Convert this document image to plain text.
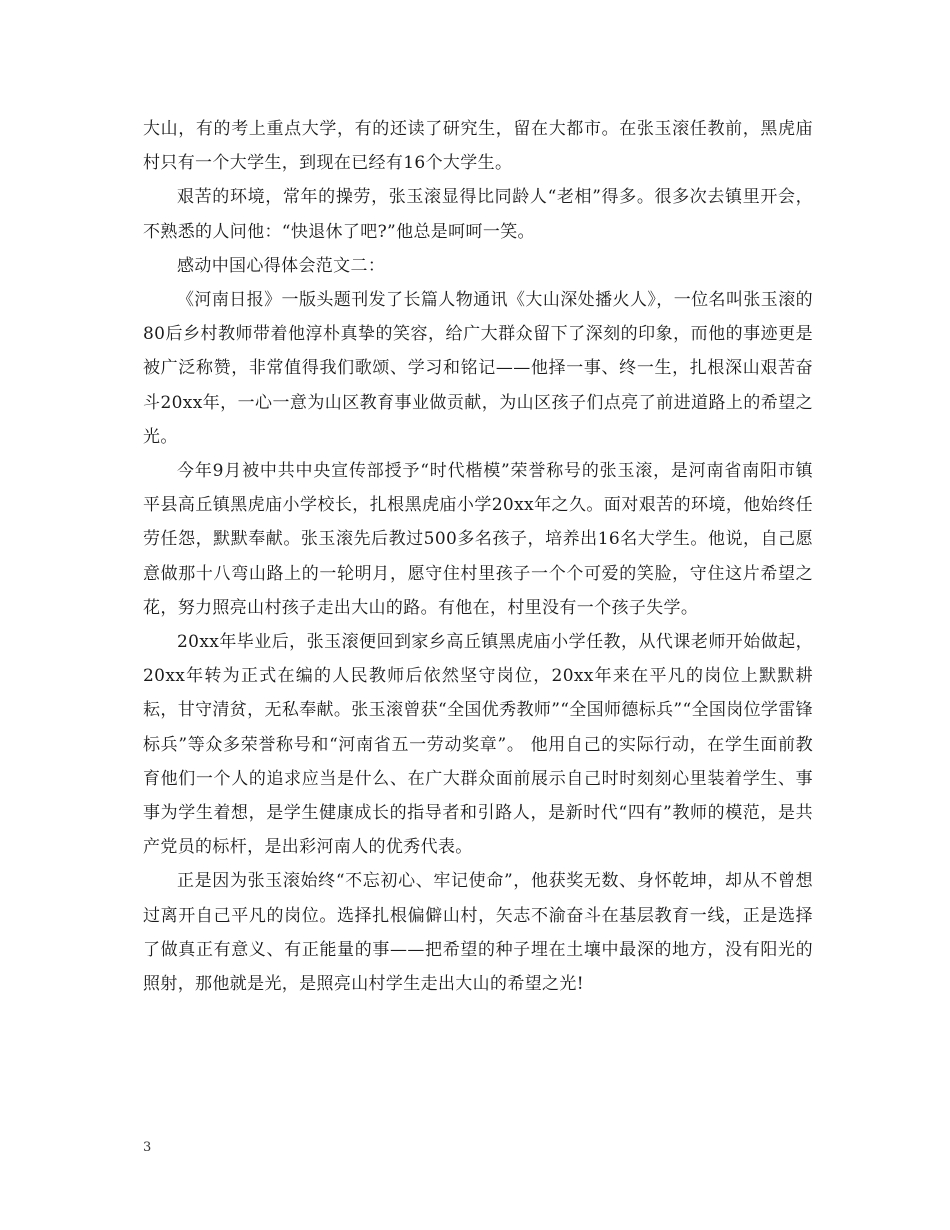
大山，有的考上重点大学，有的还读了研究生，留在大都市。在张玉滚任教前，黑虎庙村只有一个大学生，到现在已经有16个大学生。

艰苦的环境，常年的操劳，张玉滚显得比同龄人“老相”得多。很多次去镇里开会，不熟悉的人问他：“快退休了吧?”他总是呵呵一笑。

感动中国心得体会范文二：

《河南日报》一版头题刊发了长篇人物通讯《大山深处播火人》，一位名叫张玉滚的80后乡村教师带着他淳朴真挚的笑容，给广大群众留下了深刻的印象，而他的事迹更是被广泛称赞，非常值得我们歌颂、学习和铭记——他择一事、终一生，扎根深山艰苦奋斗20xx年，一心一意为山区教育事业做贡献，为山区孩子们点亮了前进道路上的希望之光。

今年9月被中共中央宣传部授予“时代楷模”荣誉称号的张玉滚，是河南省南阳市镇平县高丘镇黑虎庙小学校长，扎根黑虎庙小学20xx年之久。面对艰苦的环境，他始终任劳任怨，默默奉献。张玉滚先后教过500多名孩子，培养出16名大学生。他说，自己愿意做那十八弯山路上的一轮明月，愿守住村里孩子一个个可爱的笑脸，守住这片希望之花，努力照亮山村孩子走出大山的路。有他在，村里没有一个孩子失学。

20xx年毕业后，张玉滚便回到家乡高丘镇黑虎庙小学任教，从代课老师开始做起，20xx年转为正式在编的人民教师后依然坚守岗位，20xx年来在平凡的岗位上默默耕耘，甘守清贫，无私奉献。张玉滚曾获“全国优秀教师”“全国师德标兵”“全国岗位学雷锋标兵”等众多荣誉称号和“河南省五一劳动奖章”。 他用自己的实际行动，在学生面前教育他们一个人的追求应当是什么、在广大群众面前展示自己时时刻刻心里装着学生、事事为学生着想，是学生健康成长的指导者和引路人，是新时代“四有”教师的模范，是共产党员的标杆，是出彩河南人的优秀代表。

正是因为张玉滚始终“不忘初心、牢记使命”，他获奖无数、身怀乾坤，却从不曾想过离开自己平凡的岗位。选择扎根偏僻山村，矢志不渝奋斗在基层教育一线，正是选择了做真正有意义、有正能量的事——把希望的种子埋在土壤中最深的地方，没有阳光的照射，那他就是光，是照亮山村学生走出大山的希望之光!

3
